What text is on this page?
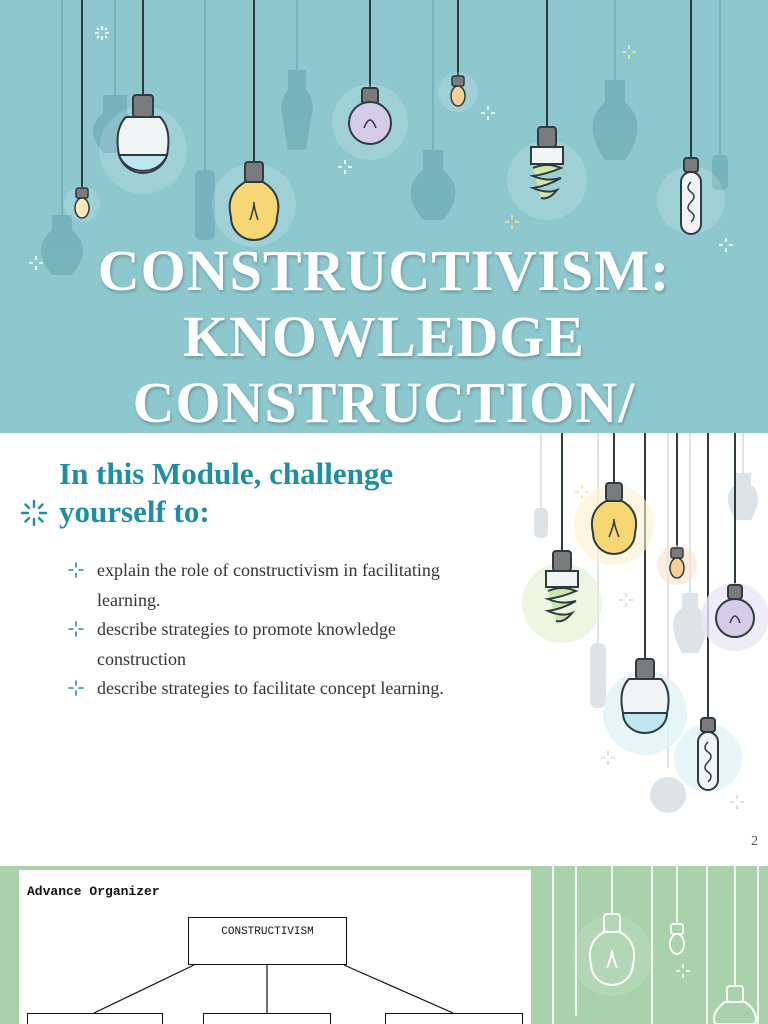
CONSTRUCTIVISM:
KNOWLEDGE
CONSTRUCTION/
In this Module, challenge yourself to:
explain the role of constructivism in facilitating learning.
describe strategies to promote knowledge construction
describe strategies to facilitate concept learning.
2
Advance Organizer
CONSTRUCTIVISM
